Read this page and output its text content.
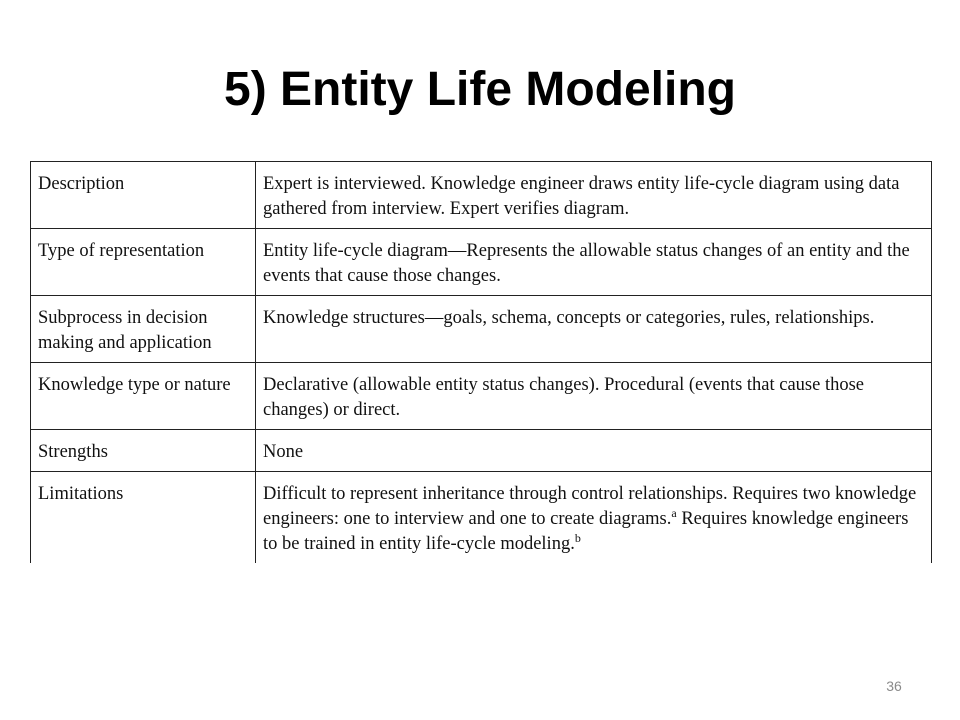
5) Entity Life Modeling
Description	Expert is interviewed. Knowledge engineer draws entity life-cycle diagram using data gathered from interview. Expert verifies diagram.
Type of representation	Entity life-cycle diagram—Represents the allowable status changes of an entity and the events that cause those changes.
Subprocess in decision making and application	Knowledge structures—goals, schema, concepts or categories, rules, relationships.
Knowledge type or nature	Declarative (allowable entity status changes). Procedural (events that cause those changes) or direct.
Strengths	None
Limitations	Difficult to represent inheritance through control relationships. Requires two knowledge engineers: one to interview and one to create diagrams.$^a$ Requires knowledge engineers to be trained in entity life-cycle modeling.$^b$
36
